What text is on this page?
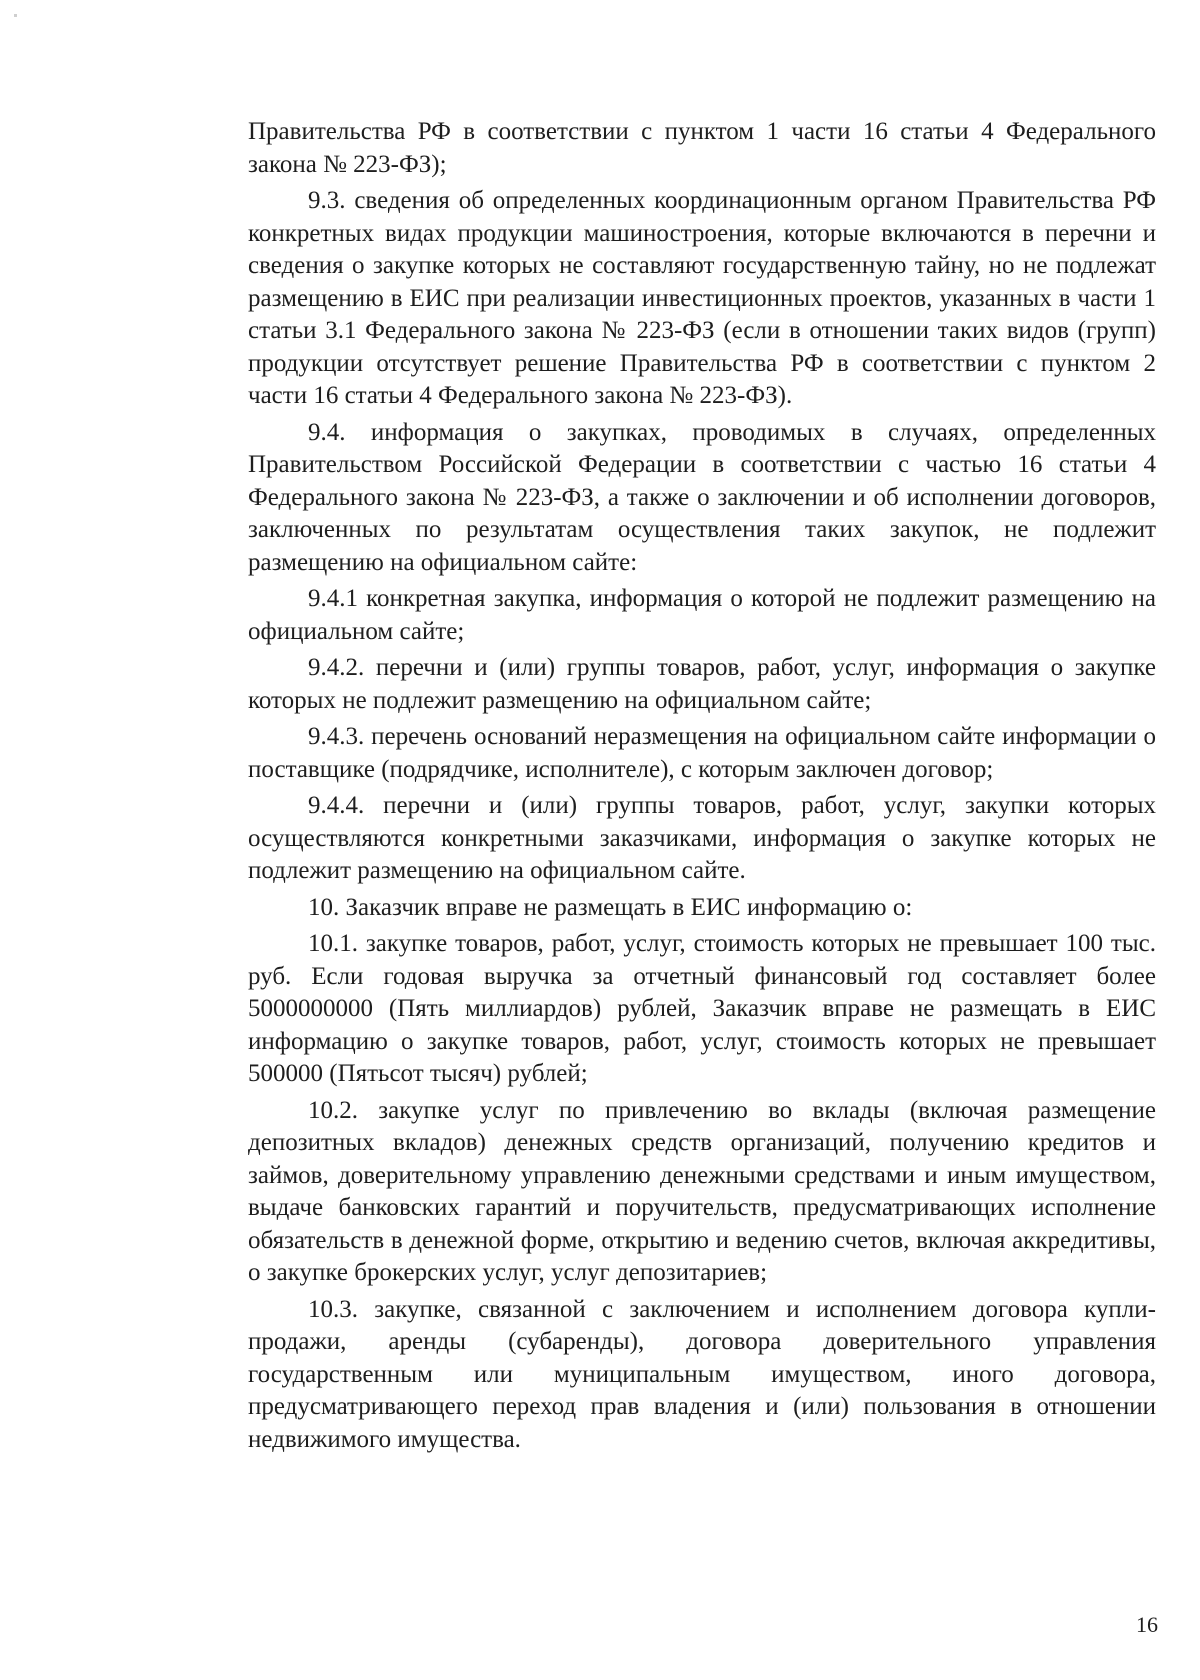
Правительства РФ в соответствии с пунктом 1 части 16 статьи 4 Федерального закона № 223-ФЗ);

9.3. сведения об определенных координационным органом Правительства РФ конкретных видах продукции машиностроения, которые включаются в перечни и сведения о закупке которых не составляют государственную тайну, но не подлежат размещению в ЕИС при реализации инвестиционных проектов, указанных в части 1 статьи 3.1 Федерального закона № 223-ФЗ (если в отношении таких видов (групп) продукции отсутствует решение Правительства РФ в соответствии с пунктом 2 части 16 статьи 4 Федерального закона № 223-ФЗ).

9.4. информация о закупках, проводимых в случаях, определенных Правительством Российской Федерации в соответствии с частью 16 статьи 4 Федерального закона № 223-ФЗ, а также о заключении и об исполнении договоров, заключенных по результатам осуществления таких закупок, не подлежит размещению на официальном сайте:

9.4.1 конкретная закупка, информация о которой не подлежит размещению на официальном сайте;

9.4.2. перечни и (или) группы товаров, работ, услуг, информация о закупке которых не подлежит размещению на официальном сайте;

9.4.3. перечень оснований неразмещения на официальном сайте информации о поставщике (подрядчике, исполнителе), с которым заключен договор;

9.4.4. перечни и (или) группы товаров, работ, услуг, закупки которых осуществляются конкретными заказчиками, информация о закупке которых не подлежит размещению на официальном сайте.

10. Заказчик вправе не размещать в ЕИС информацию о:

10.1. закупке товаров, работ, услуг, стоимость которых не превышает 100 тыс. руб. Если годовая выручка за отчетный финансовый год составляет более 5000000000 (Пять миллиардов) рублей, Заказчик вправе не размещать в ЕИС информацию о закупке товаров, работ, услуг, стоимость которых не превышает 500000 (Пятьсот тысяч) рублей;

10.2. закупке услуг по привлечению во вклады (включая размещение депозитных вкладов) денежных средств организаций, получению кредитов и займов, доверительному управлению денежными средствами и иным имуществом, выдаче банковских гарантий и поручительств, предусматривающих исполнение обязательств в денежной форме, открытию и ведению счетов, включая аккредитивы, о закупке брокерских услуг, услуг депозитариев;

10.3. закупке, связанной с заключением и исполнением договора купли-продажи, аренды (субаренды), договора доверительного управления государственным или муниципальным имуществом, иного договора, предусматривающего переход прав владения и (или) пользования в отношении недвижимого имущества.

16
